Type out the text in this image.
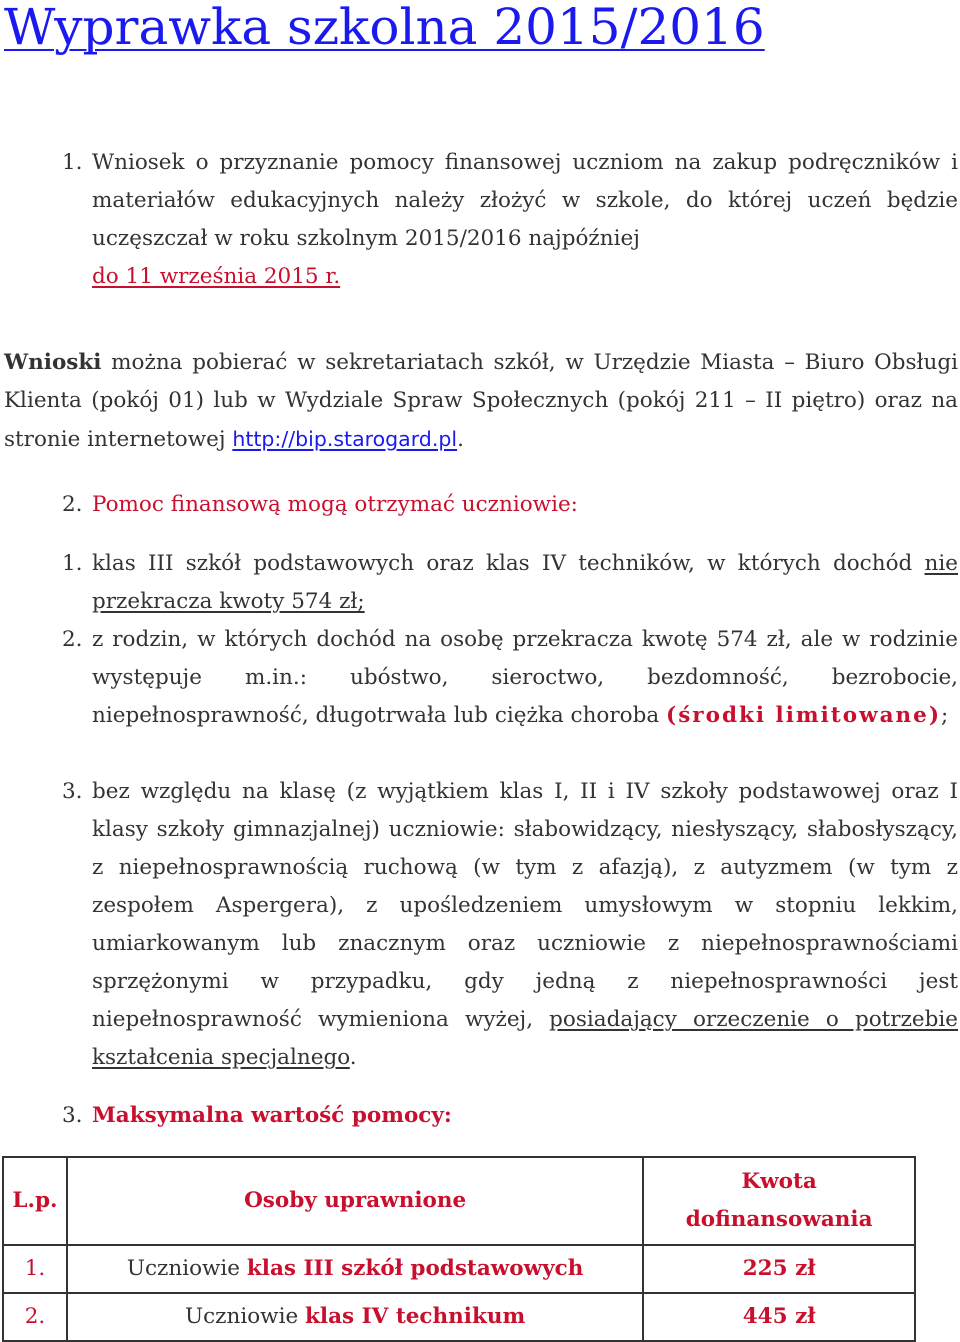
Wyprawka szkolna 2015/2016
1. Wniosek o przyznanie pomocy finansowej uczniom na zakup podręczników i materiałów edukacyjnych należy złożyć w szkole, do której uczeń będzie uczęszczał w roku szkolnym 2015/2016 najpóźniej
do 11 września 2015 r.
Wnioski można pobierać w sekretariatach szkół, w Urzędzie Miasta – Biuro Obsługi Klienta (pokój 01) lub w Wydziale Spraw Społecznych (pokój 211 – II piętro) oraz na stronie internetowej http://bip.starogard.pl.
2. Pomoc finansową mogą otrzymać uczniowie:
1. klas III szkół podstawowych oraz klas IV techników, w których dochód nie przekracza kwoty 574 zł;
2. z rodzin, w których dochód na osobę przekracza kwotę 574 zł, ale w rodzinie występuje m.in.: ubóstwo, sieroctwo, bezdomność, bezrobocie, niepełnosprawność, długotrwała lub ciężka choroba (środki limitowane);
3. bez względu na klasę (z wyjątkiem klas I, II i IV szkoły podstawowej oraz I klasy szkoły gimnazjalnej) uczniowie: słabowidzący, niesłyszący, słabosłyszący, z niepełnosprawnością ruchową (w tym z afazją), z autyzmem (w tym z zespołem Aspergera), z upośledzeniem umysłowym w stopniu lekkim, umiarkowanym lub znacznym oraz uczniowie z niepełnosprawnościami sprzężonymi w przypadku, gdy jedną z niepełnosprawności jest niepełnosprawność wymieniona wyżej, posiadający orzeczenie o potrzebie kształcenia specjalnego.
3. Maksymalna wartość pomocy:
L.p.	Osoby uprawnione	Kwota dofinansowania
1.	Uczniowie klas III szkół podstawowych	225 zł
2.	Uczniowie klas IV technikum	445 zł
